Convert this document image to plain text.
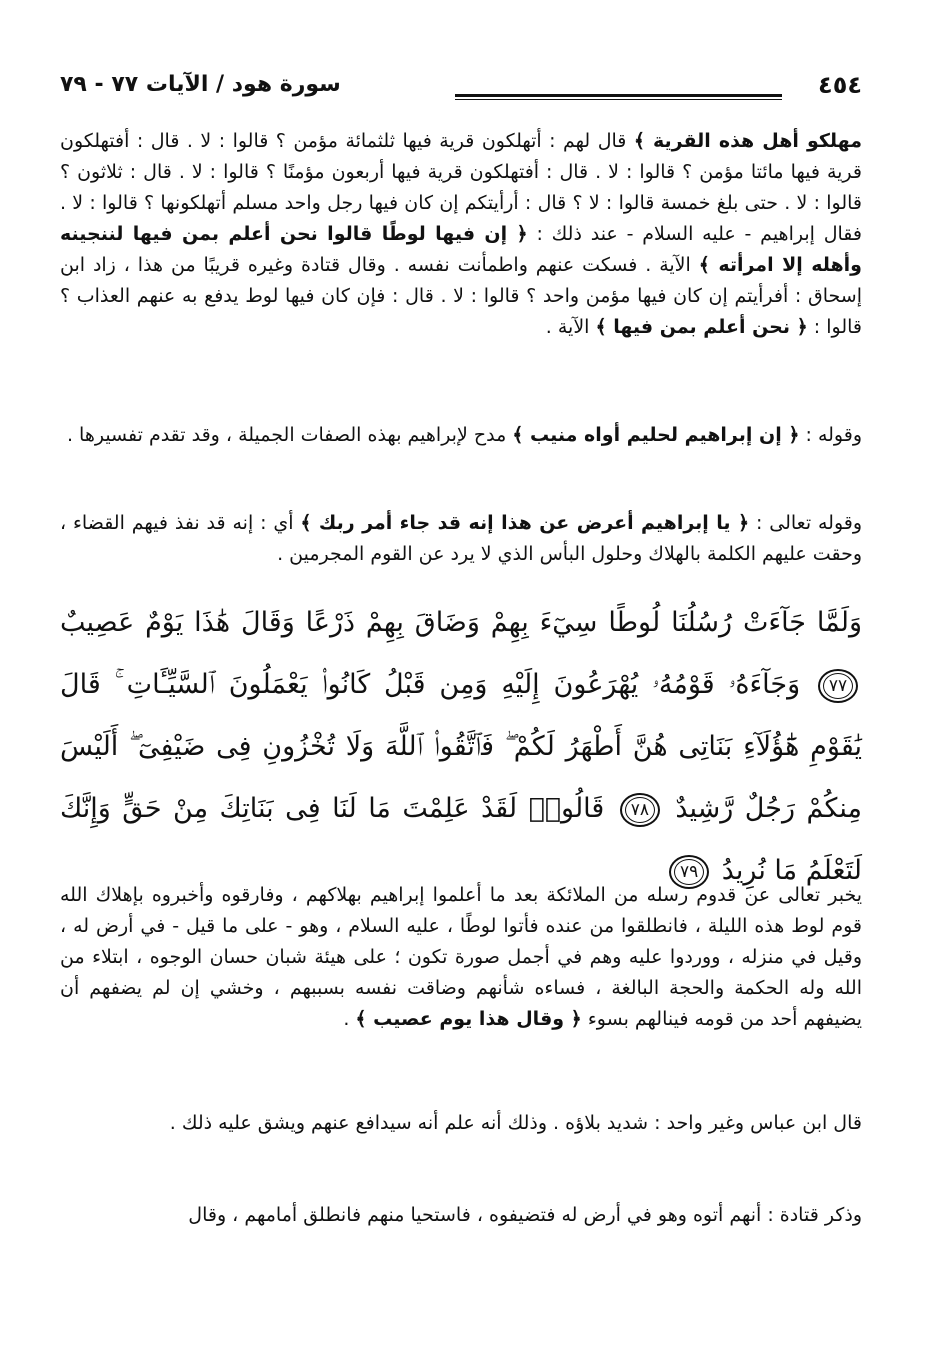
٤٥٤
سورة هود / الآيات ٧٧ - ٧٩

مهلكو أهل هذه القرية ﴾ قال لهم : أتهلكون قرية فيها ثلثمائة مؤمن ؟ قالوا : لا . قال : أفتهلكون قرية فيها مائتا مؤمن ؟ قالوا : لا . قال : أفتهلكون قرية فيها أربعون مؤمنًا ؟ قالوا : لا . قال : ثلاثون ؟ قالوا : لا . حتى بلغ خمسة قالوا : لا ؟ قال : أرأيتكم إن كان فيها رجل واحد مسلم أتهلكونها ؟ قالوا : لا . فقال إبراهيم - عليه السلام - عند ذلك : ﴿ إن فيها لوطًا قالوا نحن أعلم بمن فيها لننجينه وأهله إلا امرأته ﴾ الآية . فسكت عنهم واطمأنت نفسه . وقال قتادة وغيره قريبًا من هذا ، زاد ابن إسحاق : أفرأيتم إن كان فيها مؤمن واحد ؟ قالوا : لا . قال : فإن كان فيها لوط يدفع به عنهم العذاب ؟ قالوا : ﴿ نحن أعلم بمن فيها ﴾ الآية .

وقوله : ﴿ إن إبراهيم لحليم أواه منيب ﴾ مدح لإبراهيم بهذه الصفات الجميلة ، وقد تقدم تفسيرها .

وقوله تعالى : ﴿ يا إبراهيم أعرض عن هذا إنه قد جاء أمر ربك ﴾ أي : إنه قد نفذ فيهم القضاء ، وحقت عليهم الكلمة بالهلاك وحلول البأس الذي لا يرد عن القوم المجرمين .

وَلَمَّا جَآءَتْ رُسُلُنَا لُوطًا سِيٓءَ بِهِمْ وَضَاقَ بِهِمْ ذَرْعًا وَقَالَ هَٰذَا يَوْمٌ عَصِيبٌ ٧٧ وَجَآءَهُۥ قَوْمُهُۥ يُهْرَعُونَ إِلَيْهِ وَمِن قَبْلُ كَانُوا۟ يَعْمَلُونَ ٱلسَّيِّـَٔاتِ ۚ قَالَ يَٰقَوْمِ هَٰٓؤُلَآءِ بَنَاتِى هُنَّ أَطْهَرُ لَكُمْ ۖ فَٱتَّقُوا۟ ٱللَّهَ وَلَا تُخْزُونِ فِى ضَيْفِىٓ ۖ أَلَيْسَ مِنكُمْ رَجُلٌ رَّشِيدٌ ٧٨ قَالُوا۟ لَقَدْ عَلِمْتَ مَا لَنَا فِى بَنَاتِكَ مِنْ حَقٍّ وَإِنَّكَ لَتَعْلَمُ مَا نُرِيدُ ٧٩

يخبر تعالى عن قدوم رسله من الملائكة بعد ما أعلموا إبراهيم بهلاكهم ، وفارقوه وأخبروه بإهلاك الله قوم لوط هذه الليلة ، فانطلقوا من عنده فأتوا لوطًا ، عليه السلام ، وهو - على ما قيل - في أرض له ، وقيل في منزله ، ووردوا عليه وهم في أجمل صورة تكون ؛ على هيئة شبان حسان الوجوه ، ابتلاء من الله وله الحكمة والحجة البالغة ، فساءه شأنهم وضاقت نفسه بسببهم ، وخشي إن لم يضفهم أن يضيفهم أحد من قومه فينالهم بسوء ﴿ وقال هذا يوم عصيب ﴾ .

قال ابن عباس وغير واحد : شديد بلاؤه . وذلك أنه علم أنه سيدافع عنهم ويشق عليه ذلك .

وذكر قتادة : أنهم أتوه وهو في أرض له فتضيفوه ، فاستحيا منهم فانطلق أمامهم ، وقال
